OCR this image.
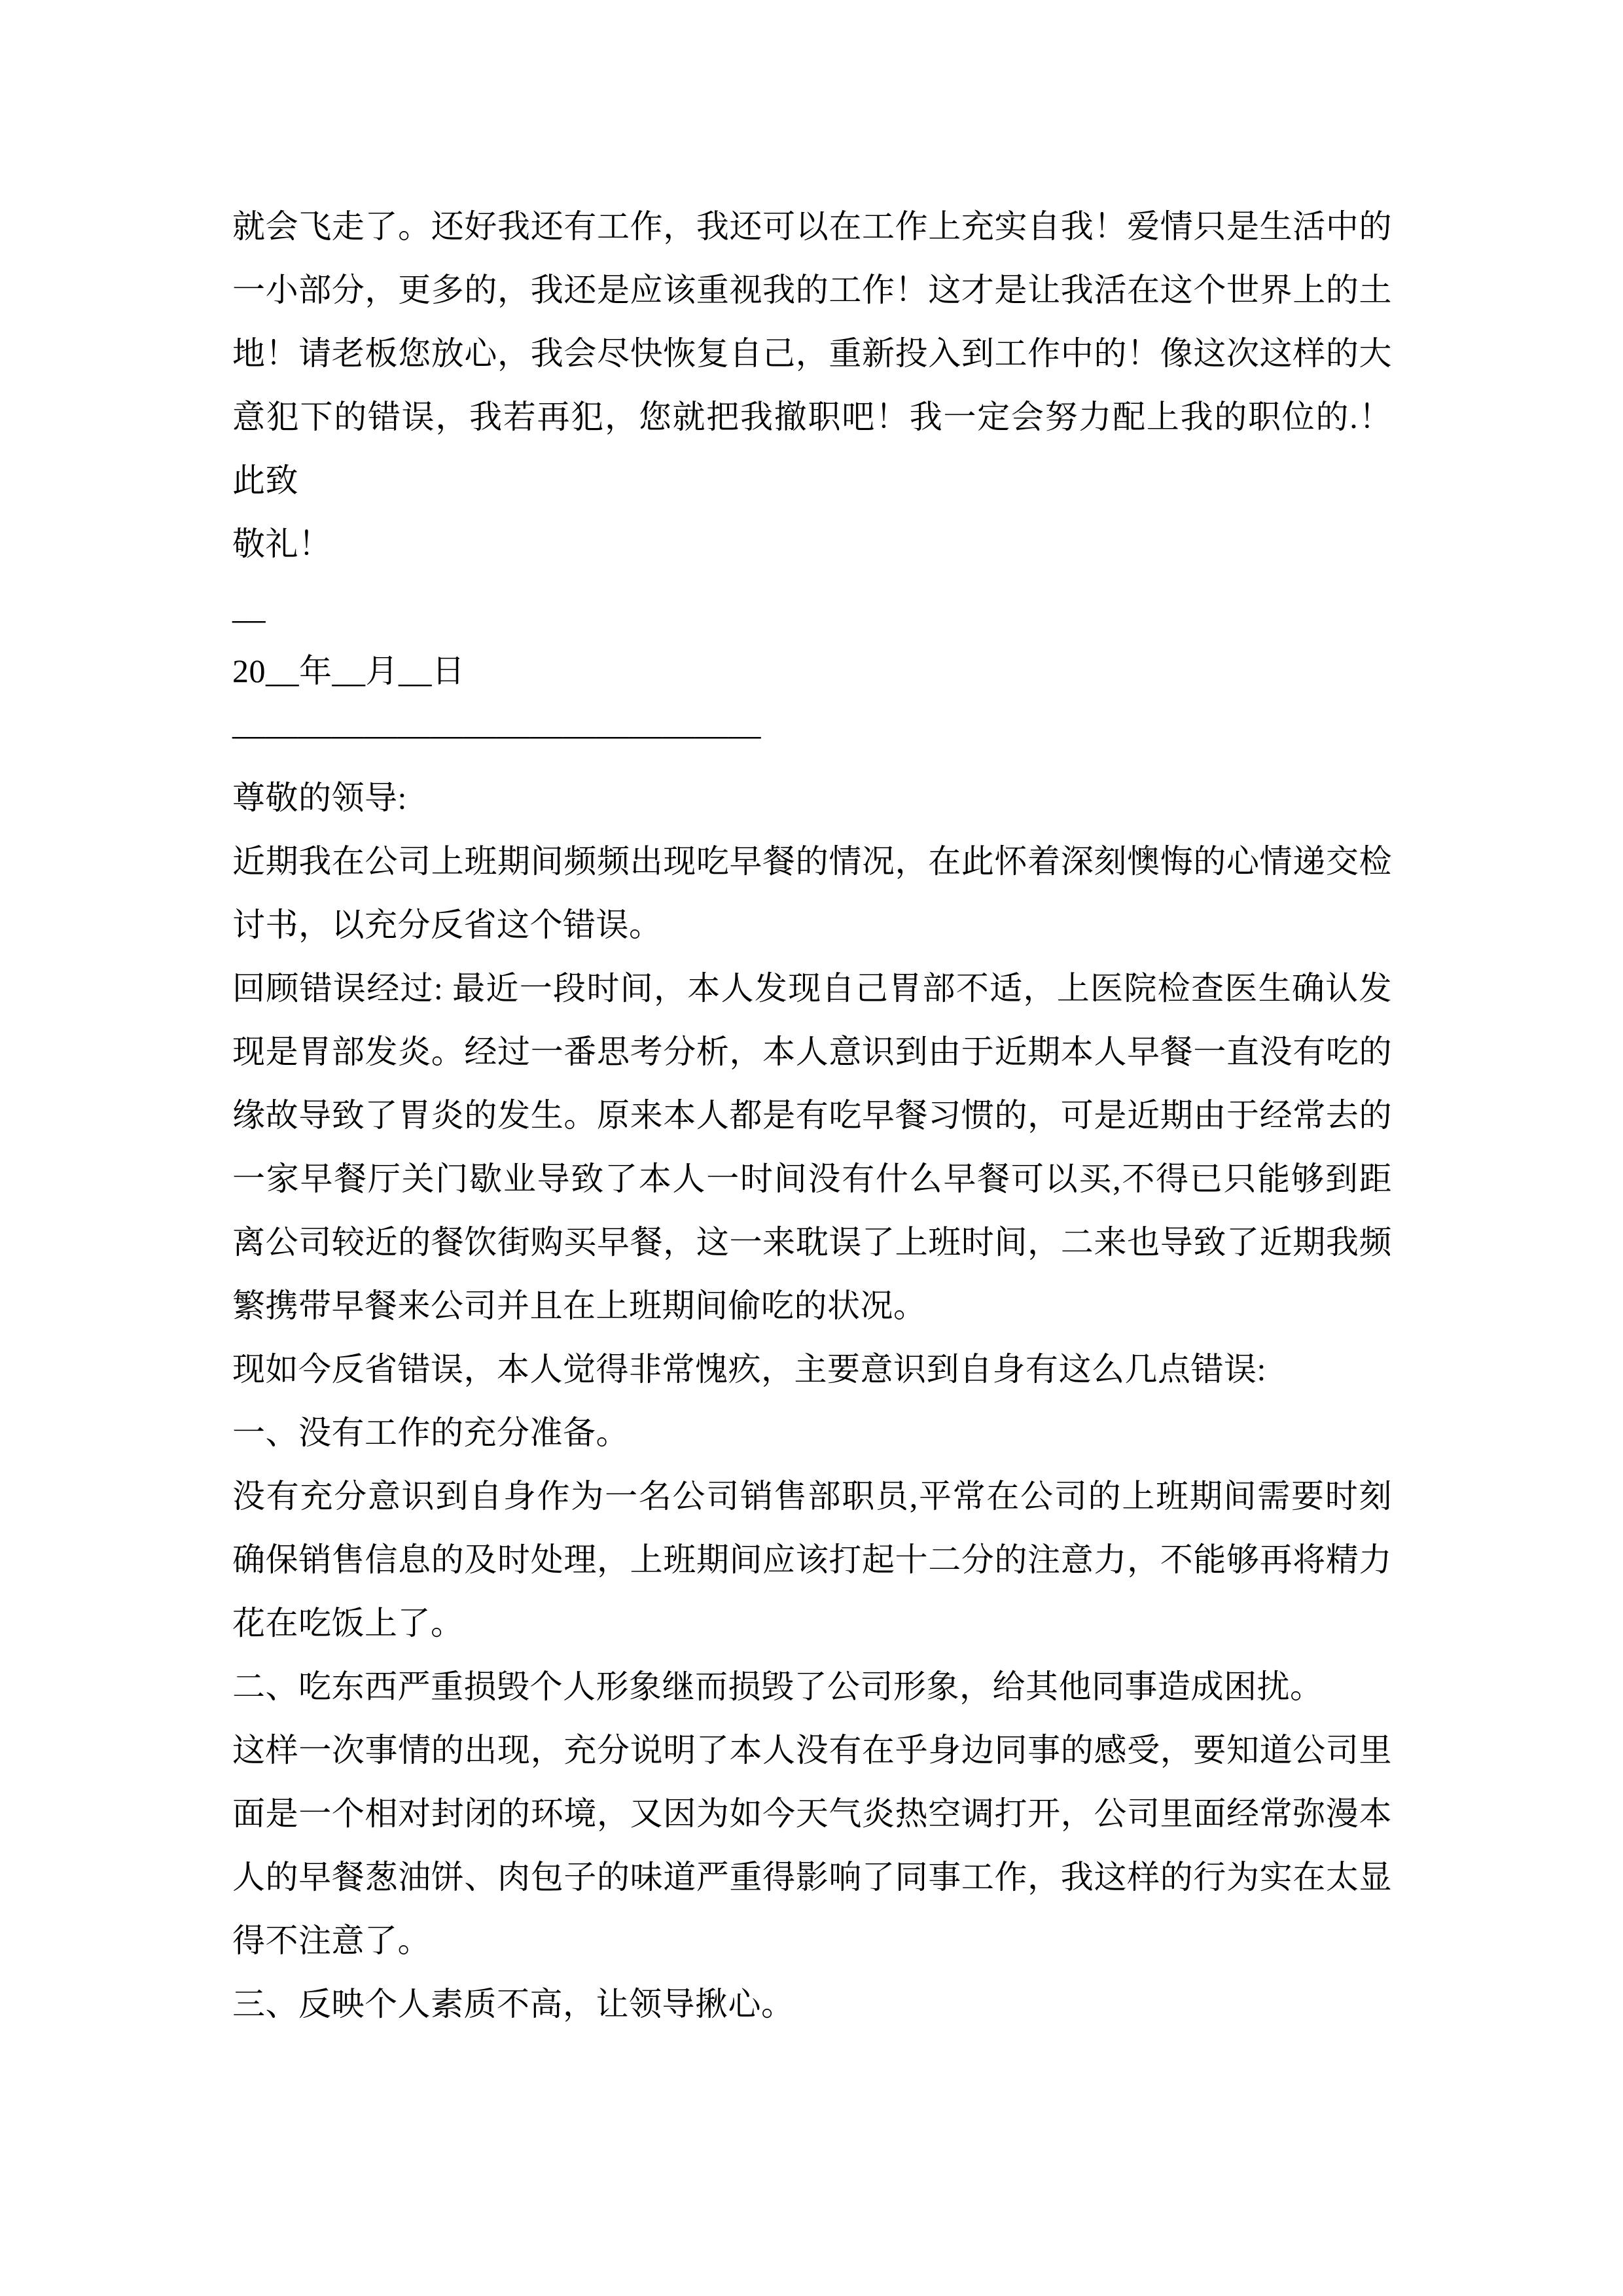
就会飞走了。还好我还有工作，我还可以在工作上充实自我！爱情只是生活中的
一小部分，更多的，我还是应该重视我的工作！这才是让我活在这个世界上的土
地！请老板您放心，我会尽快恢复自己，重新投入到工作中的！像这次这样的大
意犯下的错误，我若再犯，您就把我撤职吧！我一定会努力配上我的职位的.！
此致
敬礼！
__
20__年__月__日
————————————————
尊敬的领导:
近期我在公司上班期间频频出现吃早餐的情况，在此怀着深刻懊悔的心情递交检
讨书，以充分反省这个错误。
回顾错误经过: 最近一段时间，本人发现自己胃部不适，上医院检查医生确认发
现是胃部发炎。经过一番思考分析，本人意识到由于近期本人早餐一直没有吃的
缘故导致了胃炎的发生。原来本人都是有吃早餐习惯的，可是近期由于经常去的
一家早餐厅关门歇业导致了本人一时间没有什么早餐可以买,不得已只能够到距
离公司较近的餐饮街购买早餐，这一来耽误了上班时间，二来也导致了近期我频
繁携带早餐来公司并且在上班期间偷吃的状况。
现如今反省错误，本人觉得非常愧疚，主要意识到自身有这么几点错误:
一、没有工作的充分准备。
没有充分意识到自身作为一名公司销售部职员,平常在公司的上班期间需要时刻
确保销售信息的及时处理，上班期间应该打起十二分的注意力，不能够再将精力
花在吃饭上了。
二、吃东西严重损毁个人形象继而损毁了公司形象，给其他同事造成困扰。
这样一次事情的出现，充分说明了本人没有在乎身边同事的感受，要知道公司里
面是一个相对封闭的环境，又因为如今天气炎热空调打开，公司里面经常弥漫本
人的早餐葱油饼、肉包子的味道严重得影响了同事工作，我这样的行为实在太显
得不注意了。
三、反映个人素质不高，让领导揪心。
